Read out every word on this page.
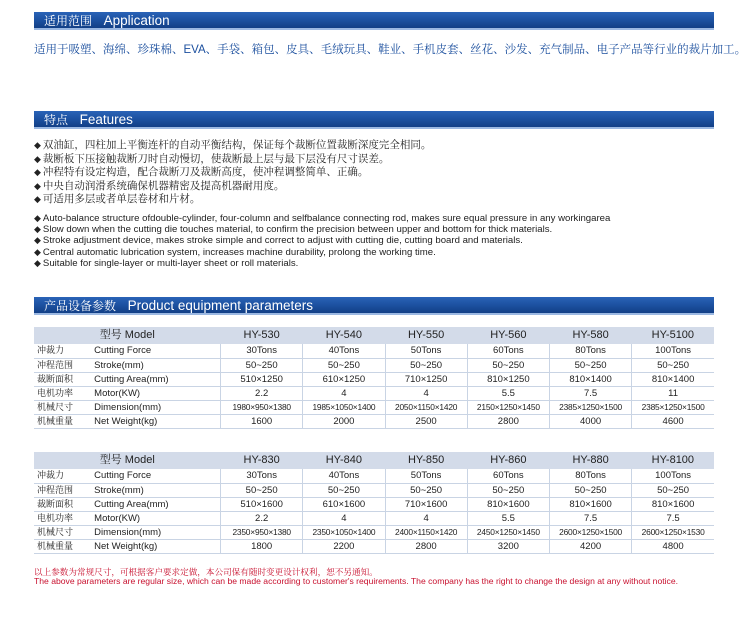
适用范围 Application
适用于吸塑、海绵、珍珠棉、EVA、手袋、箱包、皮具、毛绒玩具、鞋业、手机皮套、丝花、沙发、充气制品、电子产品等行业的裁片加工。
特点 Features
◆ 双油缸，四柱加上平衡连杆的自动平衡结构，保证每个裁断位置裁断深度完全相同。
◆ 裁断板下压接触裁断刀时自动慢切，使裁断最上层与最下层没有尺寸误差。
◆ 冲程特有设定构造，配合裁断刀及裁断高度，使冲程调整简单、正确。
◆ 中央自动润滑系统确保机器精密及提高机器耐用度。
◆ 可适用多层或者单层卷材和片材。
◆ Auto-balance structure ofdouble-cylinder, four-column and selfbalance connecting rod, makes sure equal pressure in any workingarea
◆ Slow down when the cutting die touches material, to confirm the precision between upper and bottom for thick materials.
◆ Stroke adjustment device, makes stroke simple and correct to adjust with cutting die, cutting board and materials.
◆ Central automatic lubrication system, increases machine durability, prolong the working time.
◆ Suitable for single-layer or multi-layer sheet or roll materials.
产品设备参数 Product equipment parameters
型号 Model		HY-530	HY-540	HY-550	HY-560	HY-580	HY-5100
冲裁力	Cutting Force	30Tons	40Tons	50Tons	60Tons	80Tons	100Tons
冲程范围	Stroke(mm)	50~250	50~250	50~250	50~250	50~250	50~250
裁断面积	Cutting Area(mm)	510×1250	610×1250	710×1250	810×1250	810×1400	810×1400
电机功率	Motor(KW)	2.2	4	4	5.5	7.5	11
机械尺寸	Dimension(mm)	1980×950×1380	1985×1050×1400	2050×1150×1420	2150×1250×1450	2385×1250×1500	2385×1250×1500
机械重量	Net Weight(kg)	1600	2000	2500	2800	4000	4600
型号 Model		HY-830	HY-840	HY-850	HY-860	HY-880	HY-8100
冲裁力	Cutting Force	30Tons	40Tons	50Tons	60Tons	80Tons	100Tons
冲程范围	Stroke(mm)	50~250	50~250	50~250	50~250	50~250	50~250
裁断面积	Cutting Area(mm)	510×1600	610×1600	710×1600	810×1600	810×1600	810×1600
电机功率	Motor(KW)	2.2	4	4	5.5	7.5	7.5
机械尺寸	Dimension(mm)	2350×950×1380	2350×1050×1400	2400×1150×1420	2450×1250×1450	2600×1250×1500	2600×1250×1530
机械重量	Net Weight(kg)	1800	2200	2800	3200	4200	4800
以上参数为常规尺寸，可根据客户要求定做，本公司保有随时变更设计权利，恕不另通知。
The above parameters are regular size, which can be made according to customer's requirements. The company has the right to change the design at any without notice.
